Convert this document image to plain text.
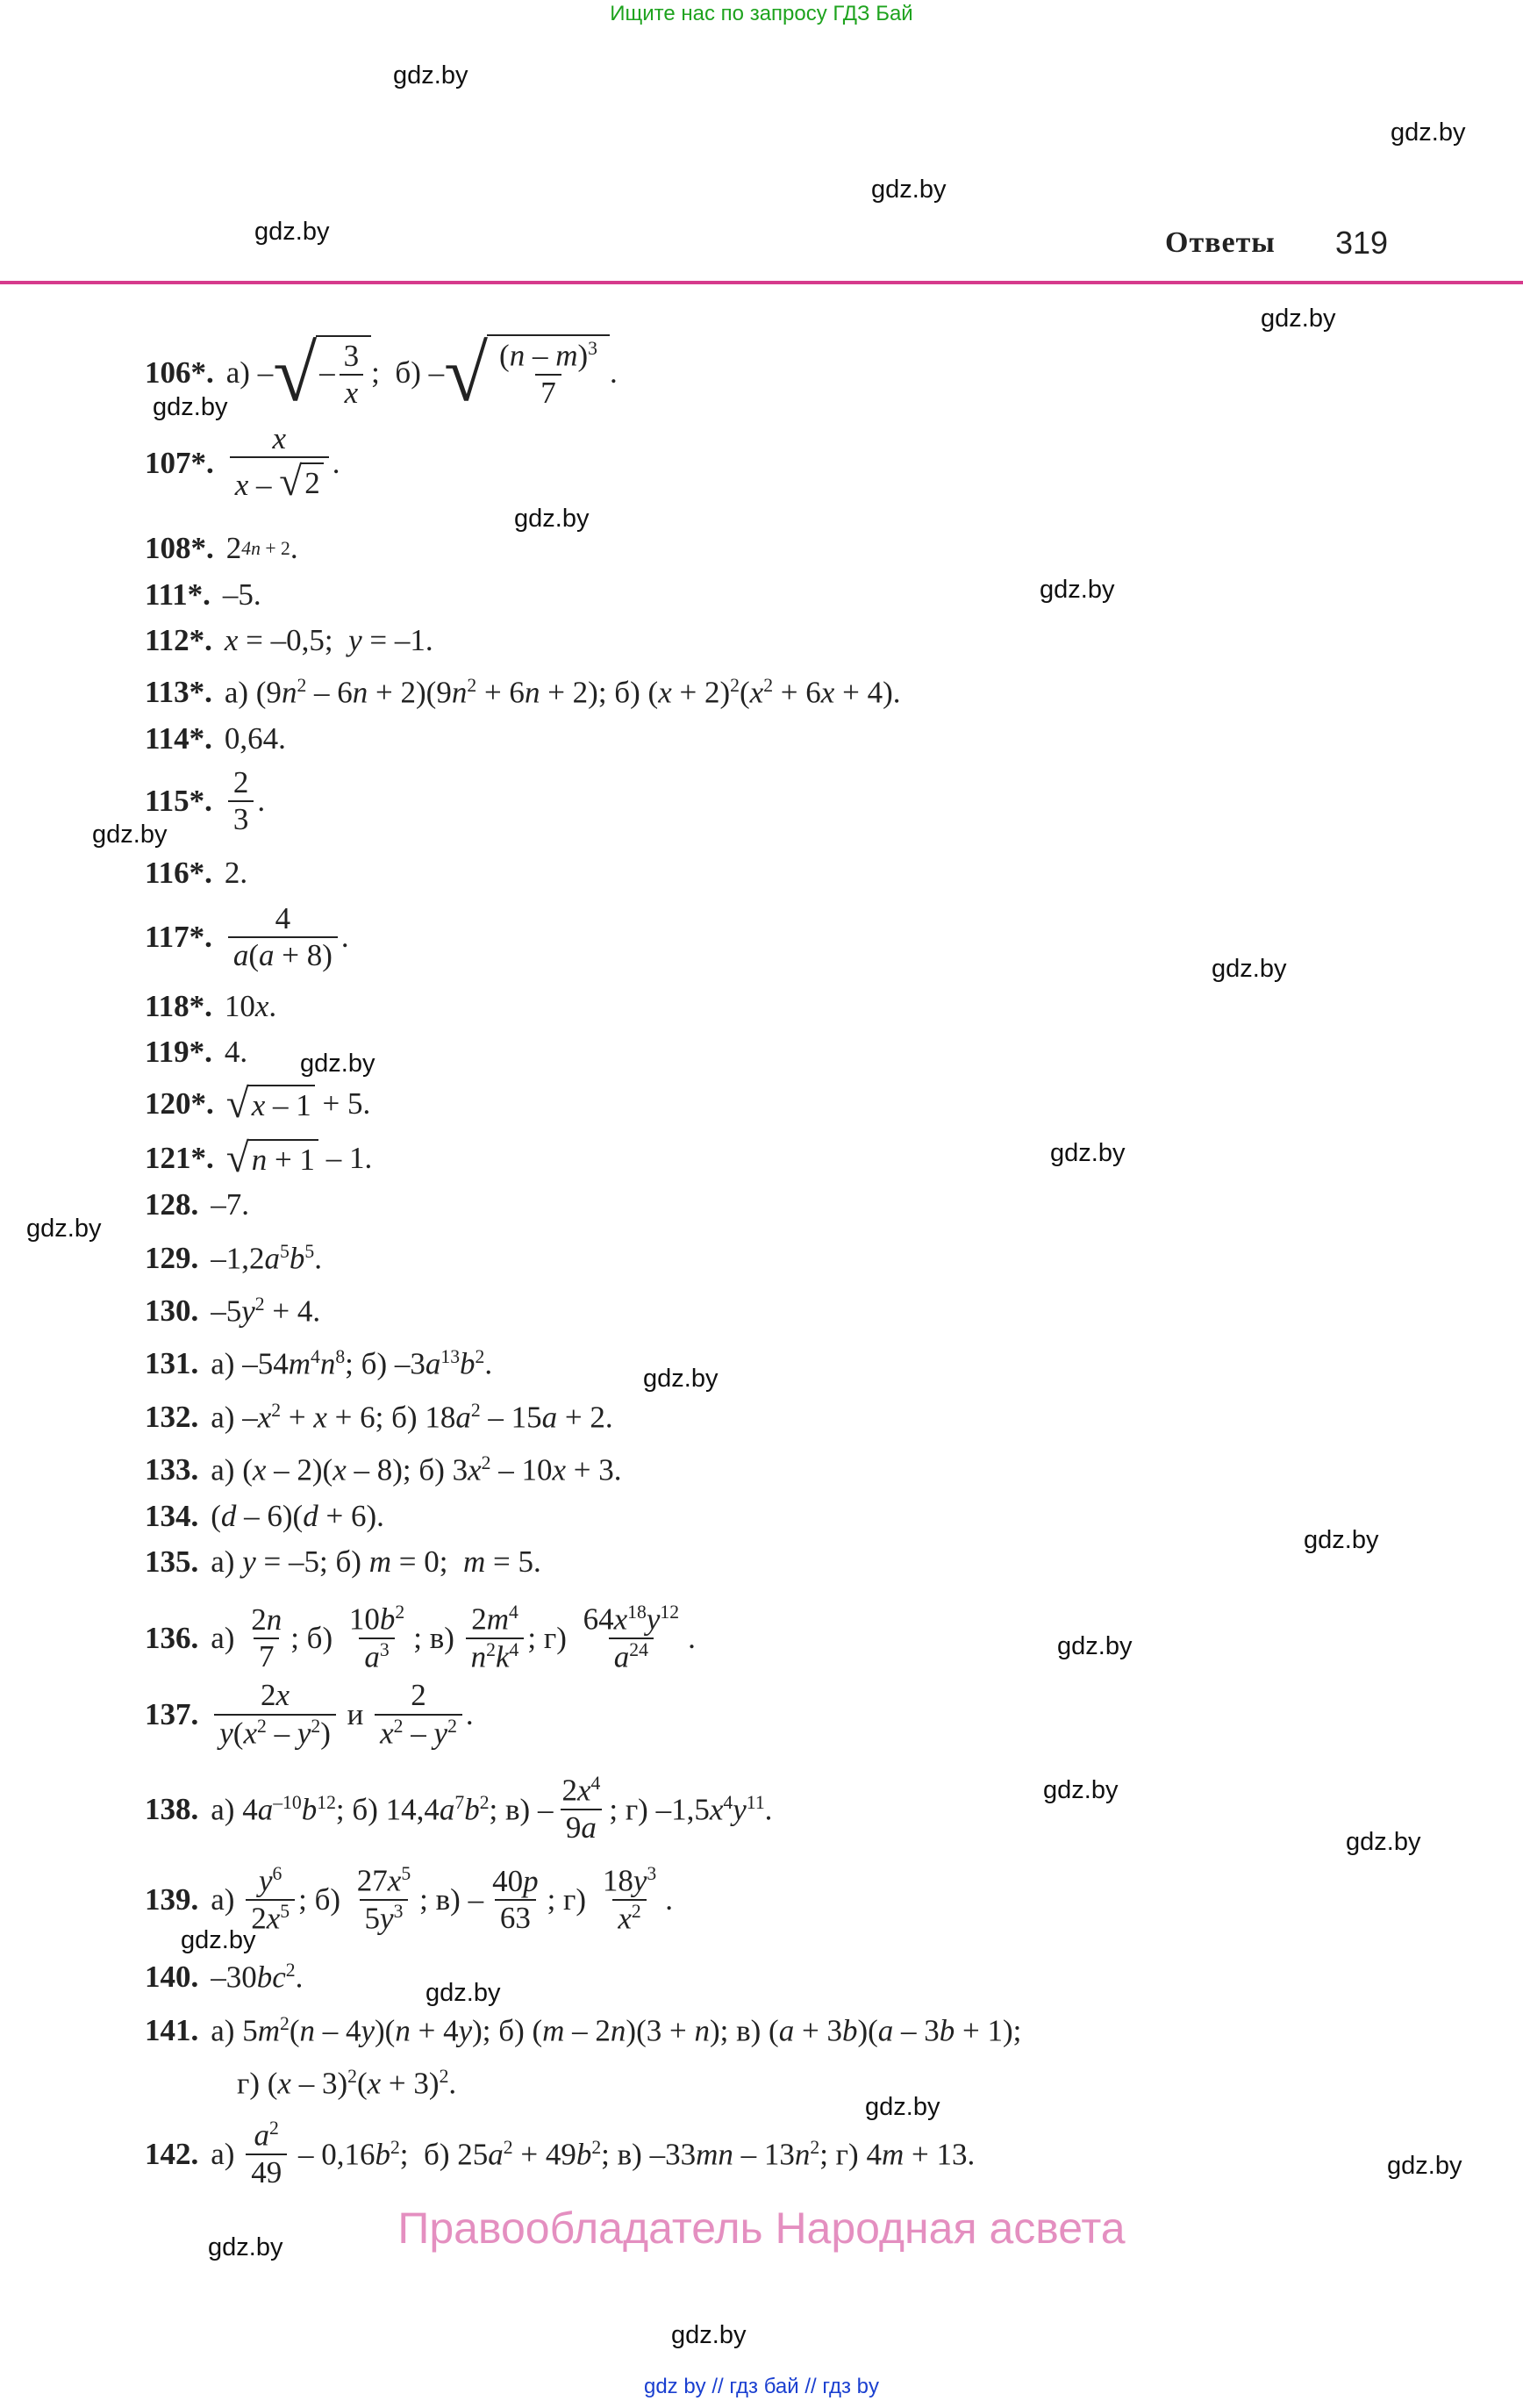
Ищите нас по запросу ГДЗ Бай
gdz.by
gdz.by
gdz.by
gdz.by
gdz.by
gdz.by
gdz.by
gdz.by
gdz.by
gdz.by
gdz.by
gdz.by
gdz.by
gdz.by
gdz.by
gdz.by
gdz.by
gdz.by
gdz.by
gdz.by
gdz.by
gdz.by
gdz.by
gdz.by
Ответы 319
106*. а) – √ – $\frac{3}{x}$ ;  б) – √ $\frac{(n - m)^3}{7}$ .
107*. $\frac{x}{x - √ 2}$ .
108*. 2 4n + 2 .
111*. –5.
112*. x = –0,5;  y = –1.
113*. а) $(9n^2 - 6n + 2)(9n^2 + 6n + 2)$; б) $(x + 2)^2(x^2 + 6x + 4)$.
114*. 0,64.
115*. $\frac{2}{3}$ .
116*. 2.
117*. $\frac{4}{a(a + 8)}$ .
118*. 10x.
119*. 4.
120*. √ x – 1 + 5.
121*. √ n + 1 – 1.
128. –7.
129. $-1,2a^5b^5$.
130. $-5y^2 + 4$.
131. а) $-54m^4n^8$; б) $-3a^{13}b^2$.
132. а) $-x^2 + x + 6$; б) $18a^2 - 15a + 2$.
133. а) (x – 2)(x – 8); б) $3x^2 - 10x + 3$.
134. (d – 6)(d + 6).
135. а) y = –5; б) m = 0;  m = 5.
136. $а) \frac{2n}{7}$ ; $б) \frac{10b^2}{a^3}$ ; $в) \frac{2m^4}{n^2k^4}$ ; $г) \frac{64x^{18}y^{12}}{a^{24}}$ .
137. $\frac{2x}{y(x^2 - y^2)}$ и $\frac{2}{x^2 - y^2}$ .
138. а) $4a^{-10}b^{12}$; б) $14,4a^7b^2$; $в) - \frac{2x^4}{9a}$ ; г) $-1,5x^4y^{11}$.
139. $а) \frac{y^6}{2x^5}$ ; $б) \frac{27x^5}{5y^3}$ ; $в) - \frac{40p}{63}$ ; $г) \frac{18y^3}{x^2}$ .
140. $-30bc^2$.
141. а) $5m^2(n - 4y)(n + 4y)$; б) (m – 2n)(3 + n); в) (a + 3b)(a – 3b + 1);
г) $(x - 3)^2(x + 3)^2$.
142. $а) \frac{a^2}{49} - 0,16b^2$;  б) $25a^2 + 49b^2$; в) $-33mn - 13n^2$; г) 4m + 13.
Правообладатель Народная асвета
gdz by // гдз бай // гдз by
